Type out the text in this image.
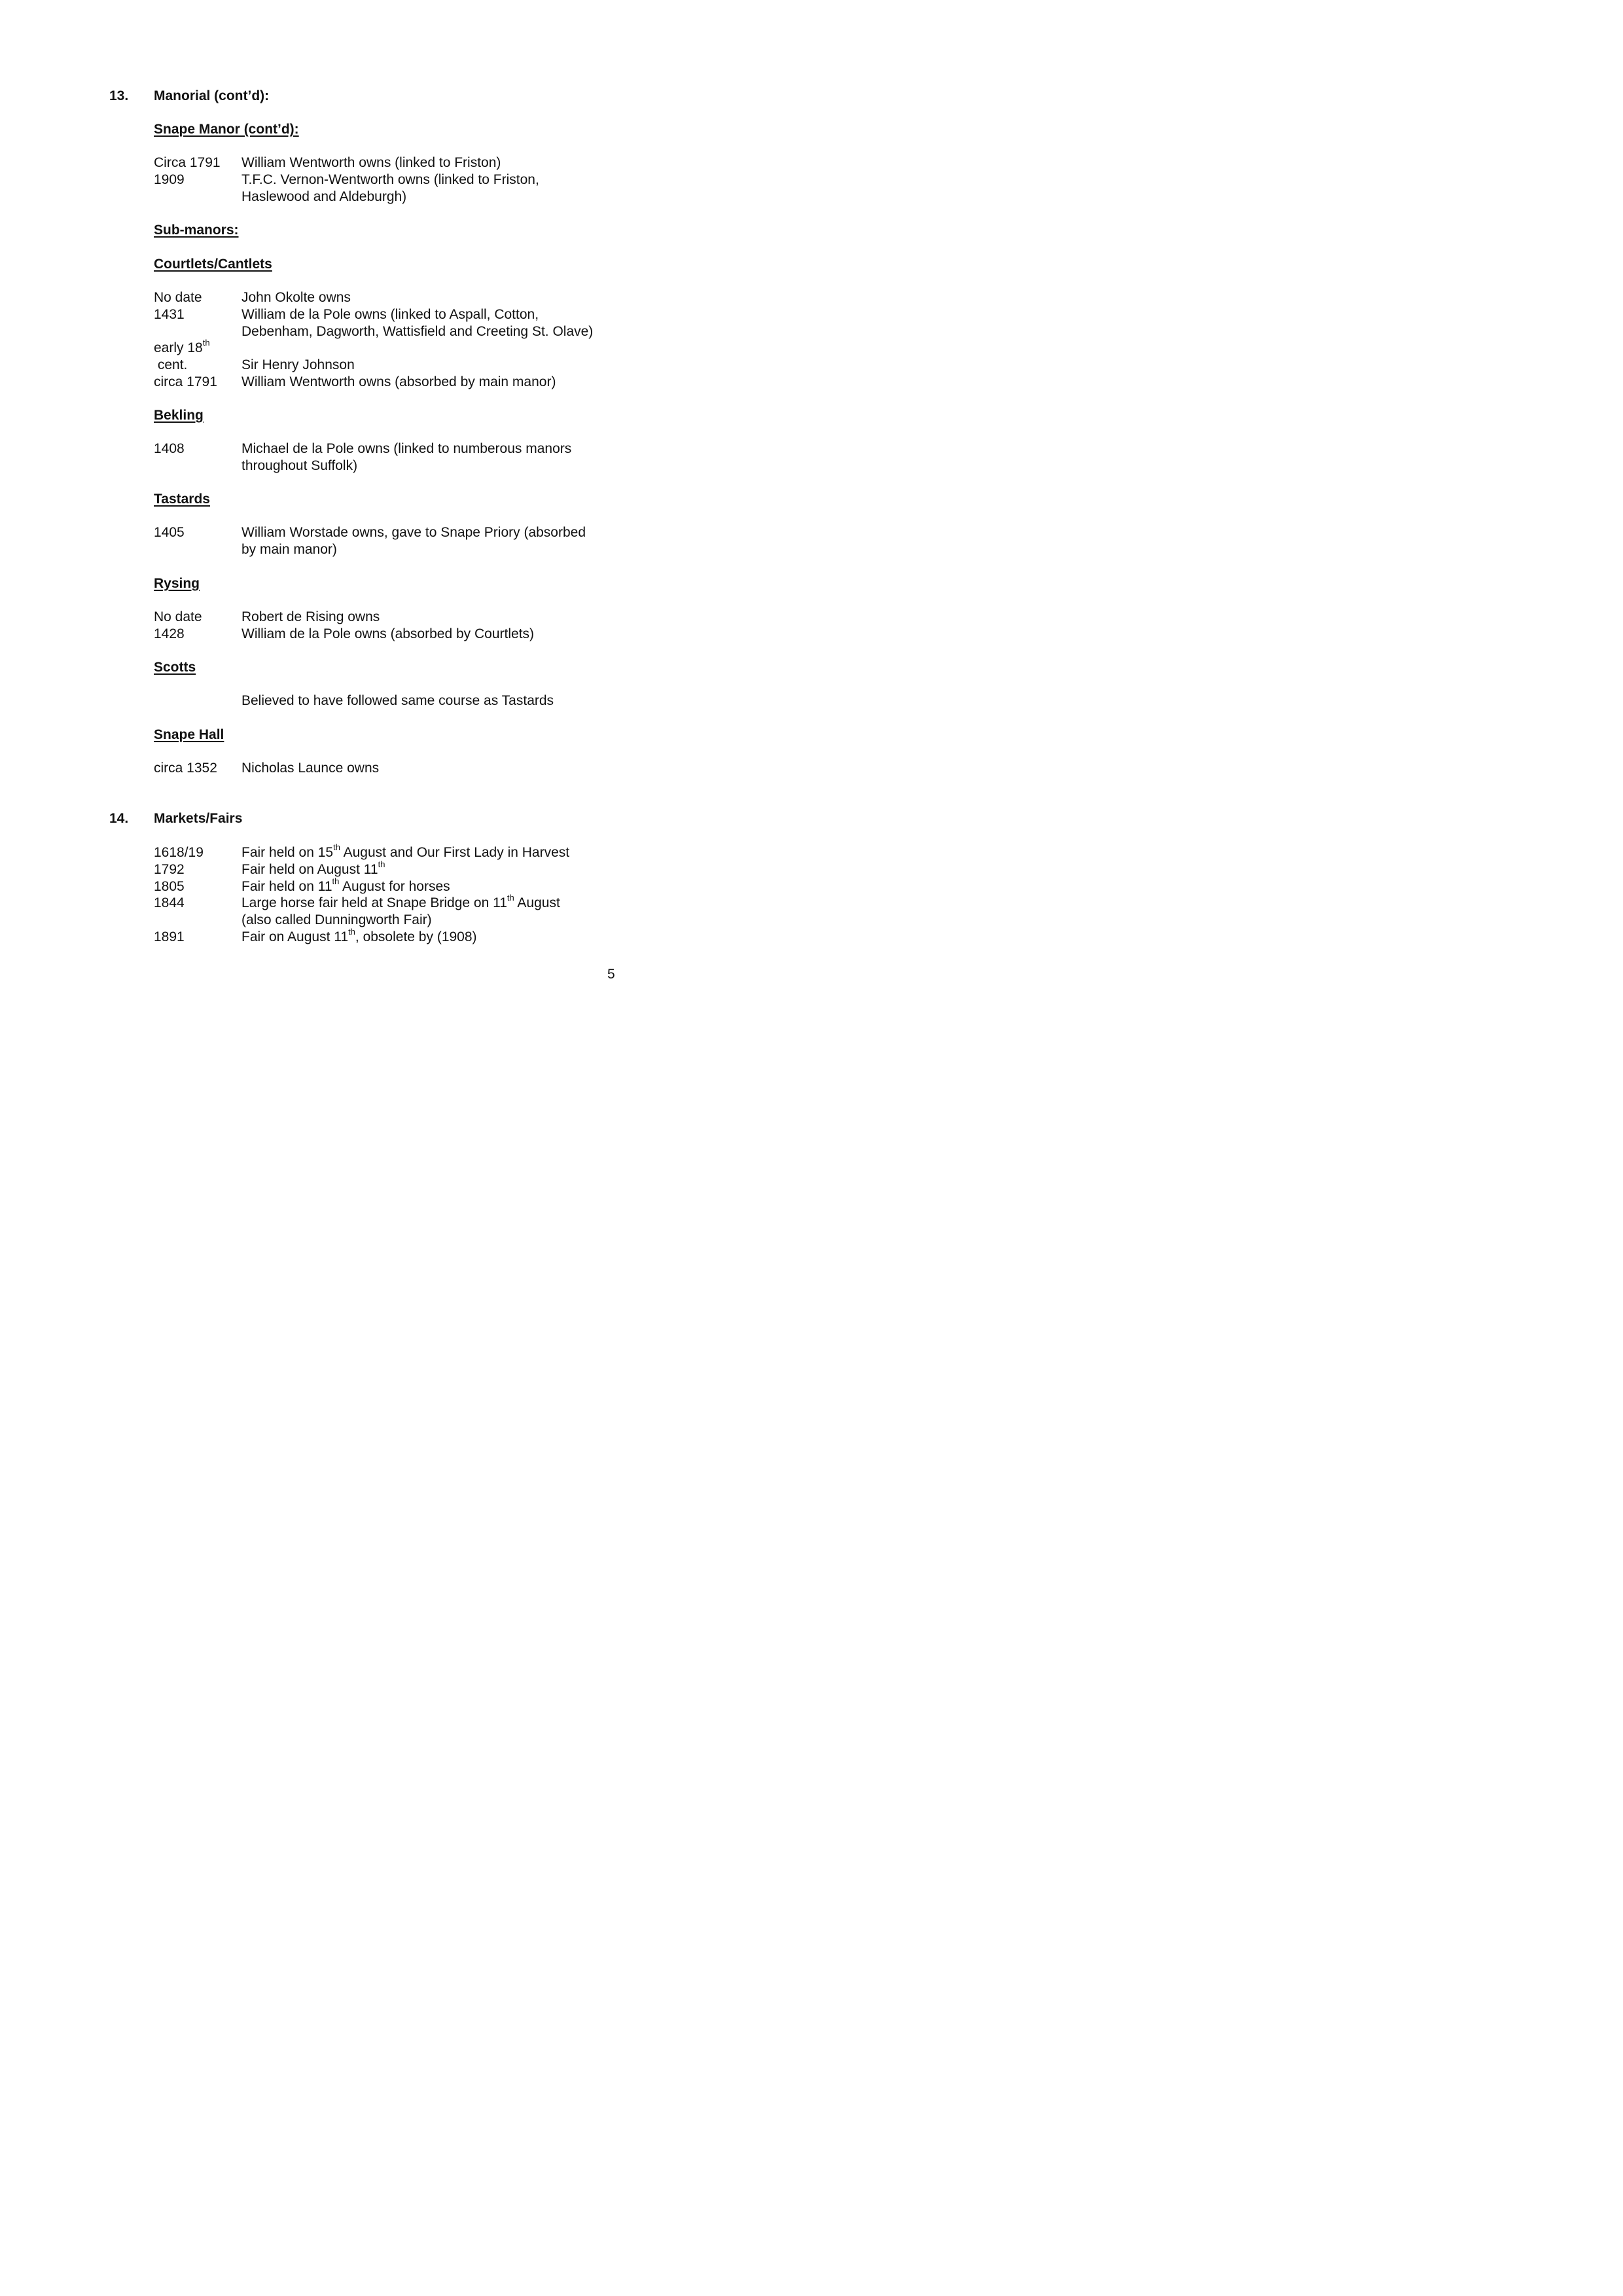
13. Manorial (cont’d):
Snape Manor (cont’d):
Circa 1791 William Wentworth owns (linked to Friston)
1909	T.F.C. Vernon-Wentworth owns (linked to Friston,
Haslewood and Aldeburgh)
Sub-manors:
Courtlets/Cantlets
No date	John Okolte owns
1431	William de la Pole owns (linked to Aspall, Cotton,
Debenham, Dagworth, Wattisfield and Creeting St. Olave)
early 18th
cent.	Sir Henry Johnson
circa 1791 William Wentworth owns (absorbed by main manor)
Bekling
1408	Michael de la Pole owns (linked to numberous manors
throughout Suffolk)
Tastards
1405	William Worstade owns, gave to Snape Priory (absorbed
by main manor)
Rysing
No date	Robert de Rising owns
1428	William de la Pole owns (absorbed by Courtlets)
Scotts
Believed to have followed same course as Tastards
Snape Hall
circa 1352 Nicholas Launce owns
14. Markets/Fairs
1618/19	Fair held on 15th August and Our First Lady in Harvest
1792	Fair held on August 11th
1805	Fair held on 11th August for horses
1844	Large horse fair held at Snape Bridge on 11th August
(also called Dunningworth Fair)
1891	Fair on August 11th, obsolete by (1908)
5
